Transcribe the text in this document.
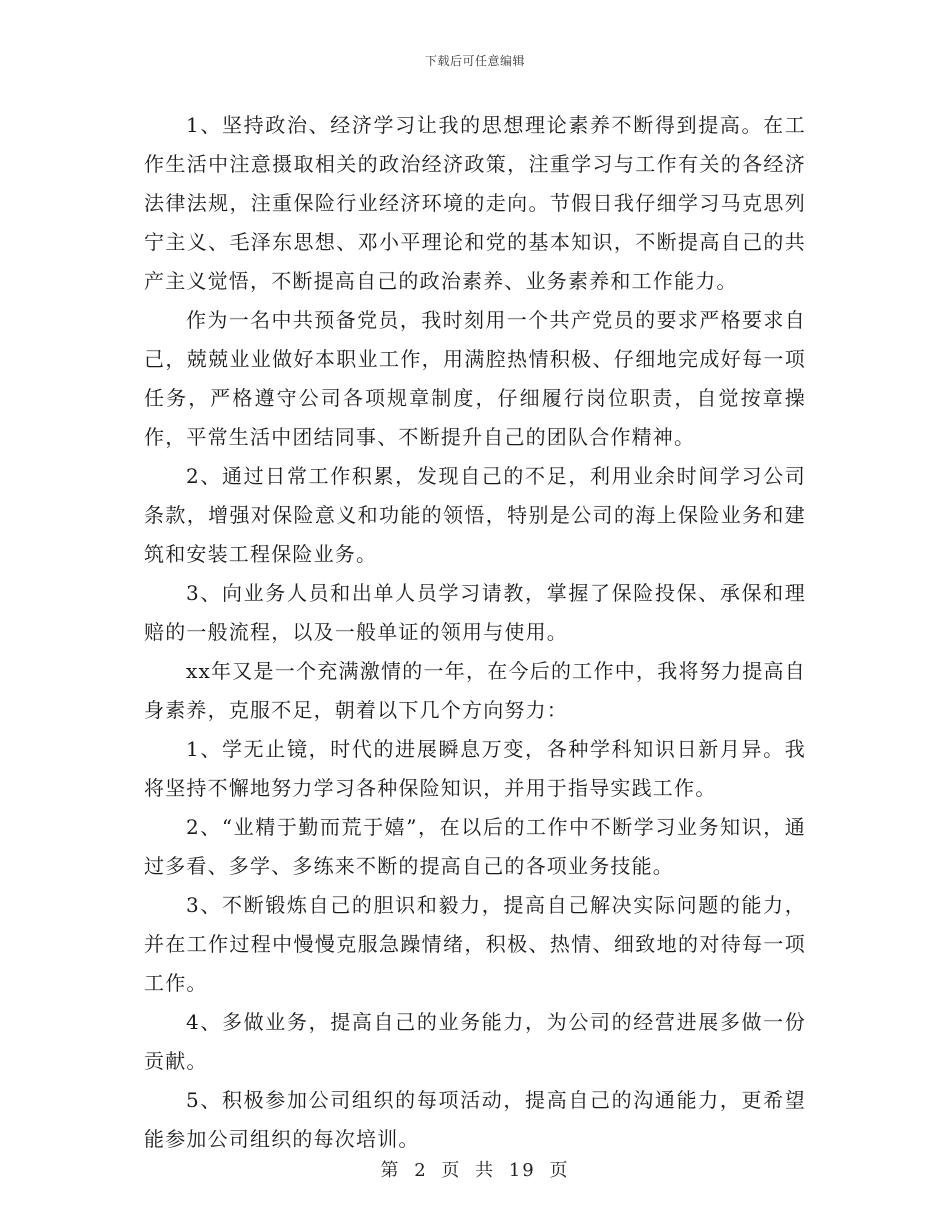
下载后可任意编辑

1、坚持政治、经济学习让我的思想理论素养不断得到提高。在工作生活中注意摄取相关的政治经济政策，注重学习与工作有关的各经济法律法规，注重保险行业经济环境的走向。节假日我仔细学习马克思列宁主义、毛泽东思想、邓小平理论和党的基本知识，不断提高自己的共产主义觉悟，不断提高自己的政治素养、业务素养和工作能力。

作为一名中共预备党员，我时刻用一个共产党员的要求严格要求自己，兢兢业业做好本职业工作，用满腔热情积极、仔细地完成好每一项任务，严格遵守公司各项规章制度，仔细履行岗位职责，自觉按章操作，平常生活中团结同事、不断提升自己的团队合作精神。

2、通过日常工作积累，发现自己的不足，利用业余时间学习公司条款，增强对保险意义和功能的领悟，特别是公司的海上保险业务和建筑和安装工程保险业务。

3、向业务人员和出单人员学习请教，掌握了保险投保、承保和理赔的一般流程，以及一般单证的领用与使用。

xx年又是一个充满激情的一年，在今后的工作中，我将努力提高自身素养，克服不足，朝着以下几个方向努力：

1、学无止镜，时代的进展瞬息万变，各种学科知识日新月异。我将坚持不懈地努力学习各种保险知识，并用于指导实践工作。

2、“业精于勤而荒于嬉”，在以后的工作中不断学习业务知识，通过多看、多学、多练来不断的提高自己的各项业务技能。

3、不断锻炼自己的胆识和毅力，提高自己解决实际问题的能力，并在工作过程中慢慢克服急躁情绪，积极、热情、细致地的对待每一项工作。

4、多做业务，提高自己的业务能力，为公司的经营进展多做一份贡献。

5、积极参加公司组织的每项活动，提高自己的沟通能力，更希望能参加公司组织的每次培训。

第 2 页 共 19 页
